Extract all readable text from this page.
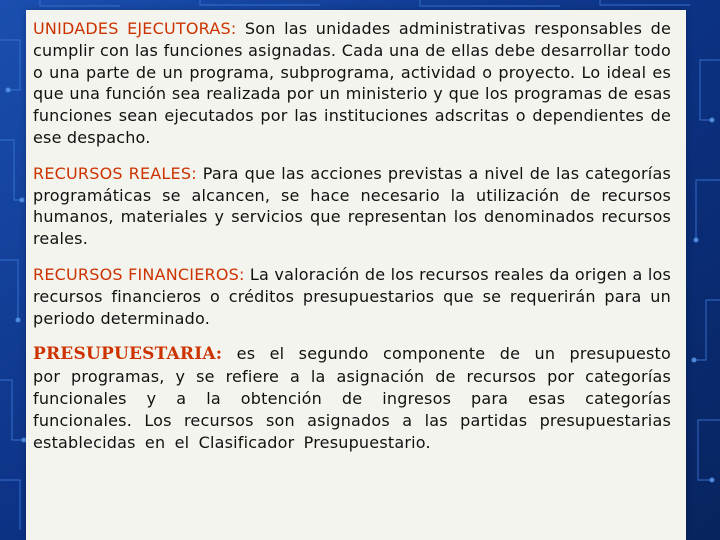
UNIDADES EJECUTORAS: Son las unidades administrativas responsables de cumplir con las funciones asignadas. Cada una de ellas debe desarrollar todo o una parte de un programa, subprograma, actividad o proyecto. Lo ideal es que una función sea realizada por un ministerio y que los programas de esas funciones sean ejecutados por las instituciones adscritas o dependientes de ese despacho.

RECURSOS REALES: Para que las acciones previstas a nivel de las categorías programáticas se alcancen, se hace necesario la utilización de recursos humanos, materiales y servicios que representan los denominados recursos reales.

RECURSOS FINANCIEROS: La valoración de los recursos reales da origen a los recursos financieros o créditos presupuestarios que se requerirán para un periodo determinado.

PRESUPUESTARIA: es el segundo componente de un presupuesto por programas, y se refiere a la asignación de recursos por categorías funcionales y a la obtención de ingresos para esas categorías funcionales. Los recursos son asignados a las partidas presupuestarias establecidas en el Clasificador Presupuestario.
